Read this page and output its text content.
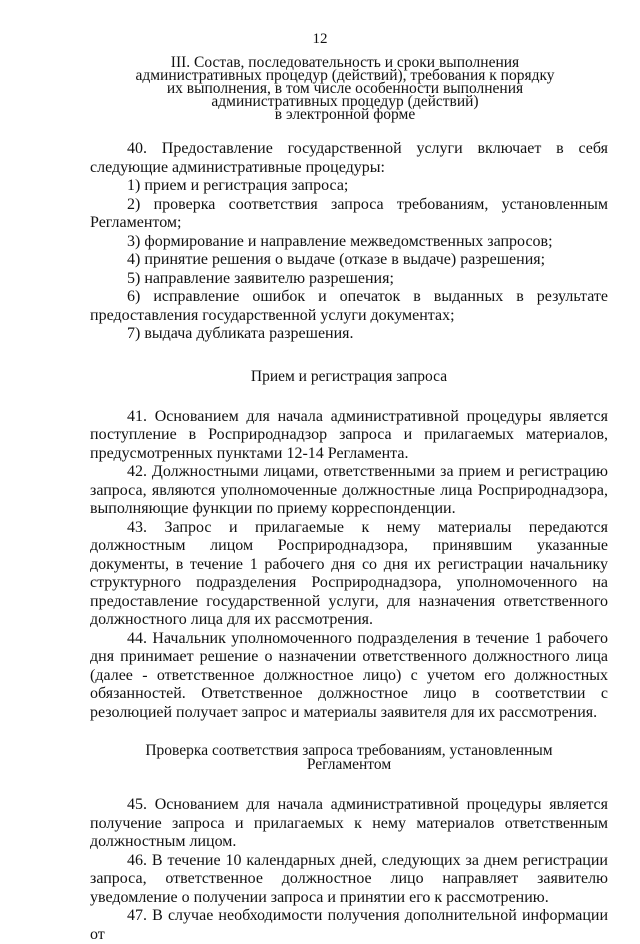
12
III. Состав, последовательность и сроки выполнения
административных процедур (действий), требования к порядку
их выполнения, в том числе особенности выполнения
административных процедур (действий)
в электронной форме

40. Предоставление государственной услуги включает в себя следующие административные процедуры:

1) прием и регистрация запроса;

2) проверка соответствия запроса требованиям, установленным Регламентом;

3) формирование и направление межведомственных запросов;

4) принятие решения о выдаче (отказе в выдаче) разрешения;

5) направление заявителю разрешения;

6) исправление ошибок и опечаток в выданных в результате предоставления государственной услуги документах;

7) выдача дубликата разрешения.

Прием и регистрация запроса

41. Основанием для начала административной процедуры является поступление в Росприроднадзор запроса и прилагаемых материалов, предусмотренных пунктами 12-14 Регламента.

42. Должностными лицами, ответственными за прием и регистрацию запроса, являются уполномоченные должностные лица Росприроднадзора, выполняющие функции по приему корреспонденции.

43. Запрос и прилагаемые к нему материалы передаются должностным лицом Росприроднадзора, принявшим указанные документы, в течение 1 рабочего дня со дня их регистрации начальнику структурного подразделения Росприроднадзора, уполномоченного на предоставление государственной услуги, для назначения ответственного должностного лица для их рассмотрения.

44. Начальник уполномоченного подразделения в течение 1 рабочего дня принимает решение о назначении ответственного должностного лица (далее - ответственное должностное лицо) с учетом его должностных обязанностей. Ответственное должностное лицо в соответствии с резолюцией получает запрос и материалы заявителя для их рассмотрения.

Проверка соответствия запроса требованиям, установленным
Регламентом

45. Основанием для начала административной процедуры является получение запроса и прилагаемых к нему материалов ответственным должностным лицом.

46. В течение 10 календарных дней, следующих за днем регистрации запроса, ответственное должностное лицо направляет заявителю уведомление о получении запроса и принятии его к рассмотрению.

47. В случае необходимости получения дополнительной информации от
